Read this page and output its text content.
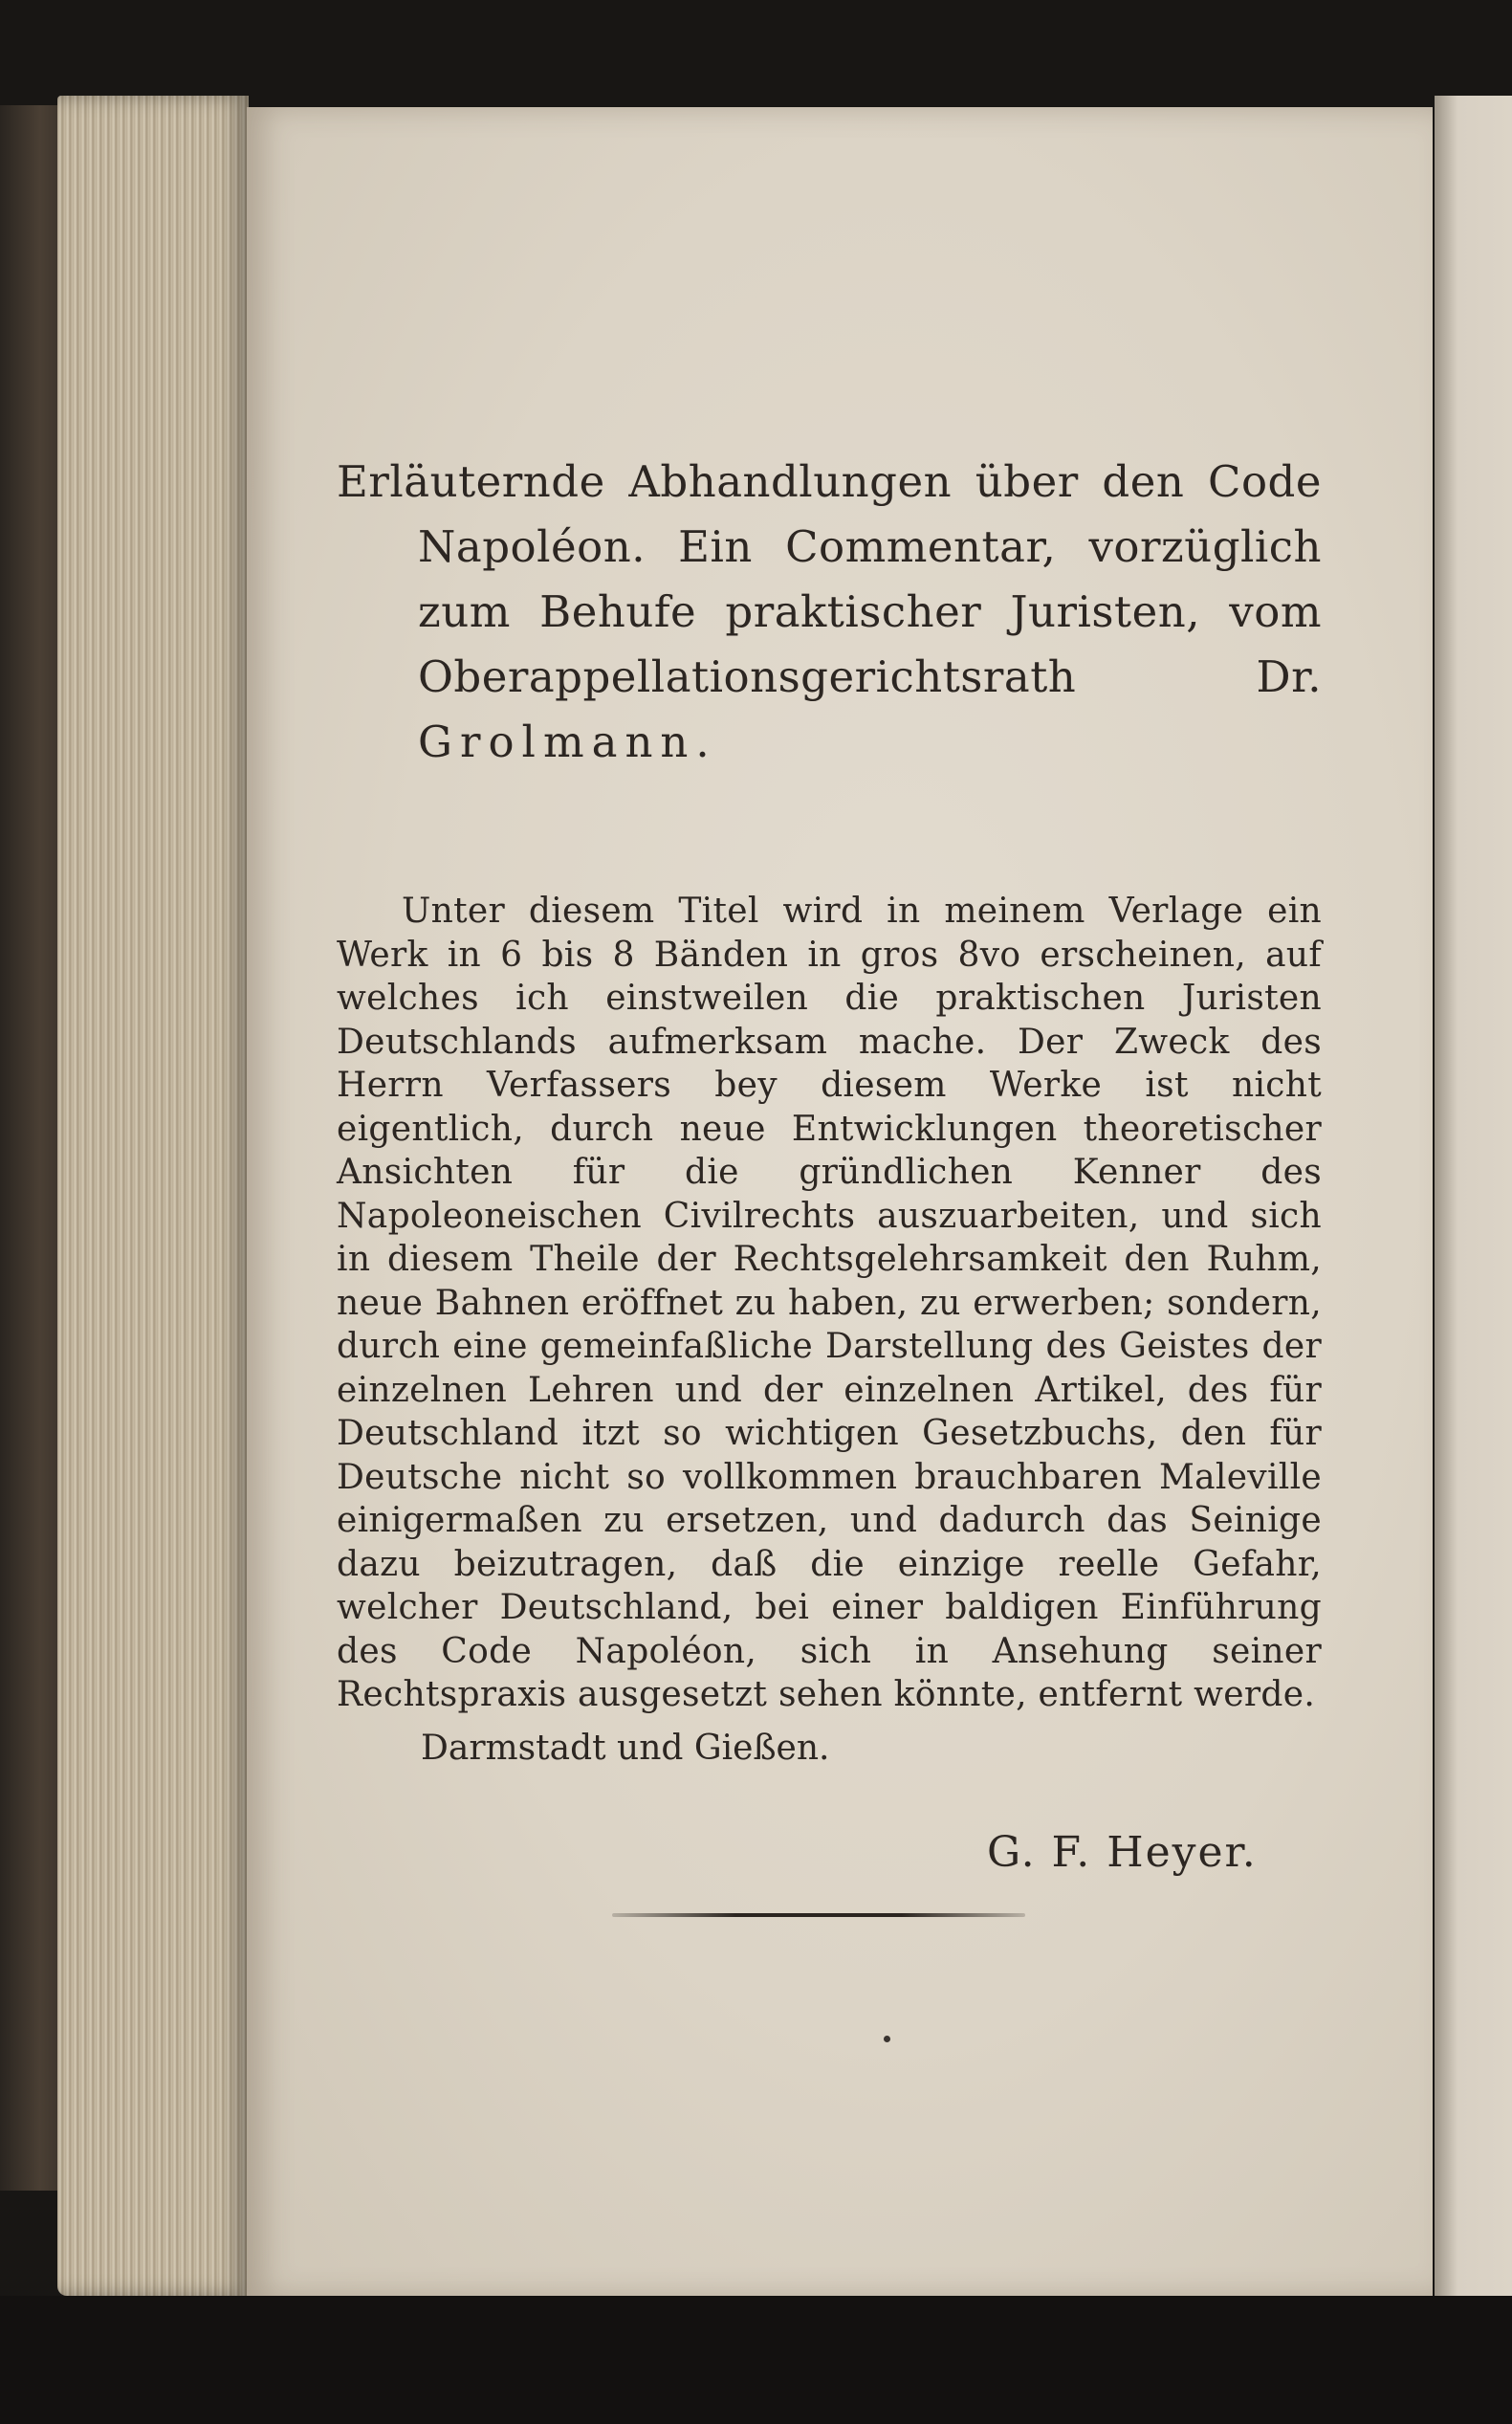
Erläuternde Abhandlungen über den Code Napoléon. Ein Commentar, vorzüglich zum Behufe praktischer Juristen, vom Oberappellationsgerichtsrath Dr. Grolmann.

Unter diesem Titel wird in meinem Verlage ein Werk in 6 bis 8 Bänden in gros 8vo erscheinen, auf welches ich einstweilen die praktischen Juristen Deutschlands aufmerksam mache. Der Zweck des Herrn Verfassers bey diesem Werke ist nicht eigentlich, durch neue Entwicklungen theoretischer Ansichten für die gründlichen Kenner des Napoleoneischen Civilrechts auszuarbeiten, und sich in diesem Theile der Rechtsgelehrsamkeit den Ruhm, neue Bahnen eröffnet zu haben, zu erwerben; sondern, durch eine gemeinfaßliche Darstellung des Geistes der einzelnen Lehren und der einzelnen Artikel, des für Deutschland itzt so wichtigen Gesetzbuchs, den für Deutsche nicht so vollkommen brauchbaren Maleville einigermaßen zu ersetzen, und dadurch das Seinige dazu beizutragen, daß die einzige reelle Gefahr, welcher Deutschland, bei einer baldigen Einführung des Code Napoléon, sich in Ansehung seiner Rechtspraxis ausgesetzt sehen könnte, entfernt werde.

Darmstadt und Gießen.

G. F. Heyer.
